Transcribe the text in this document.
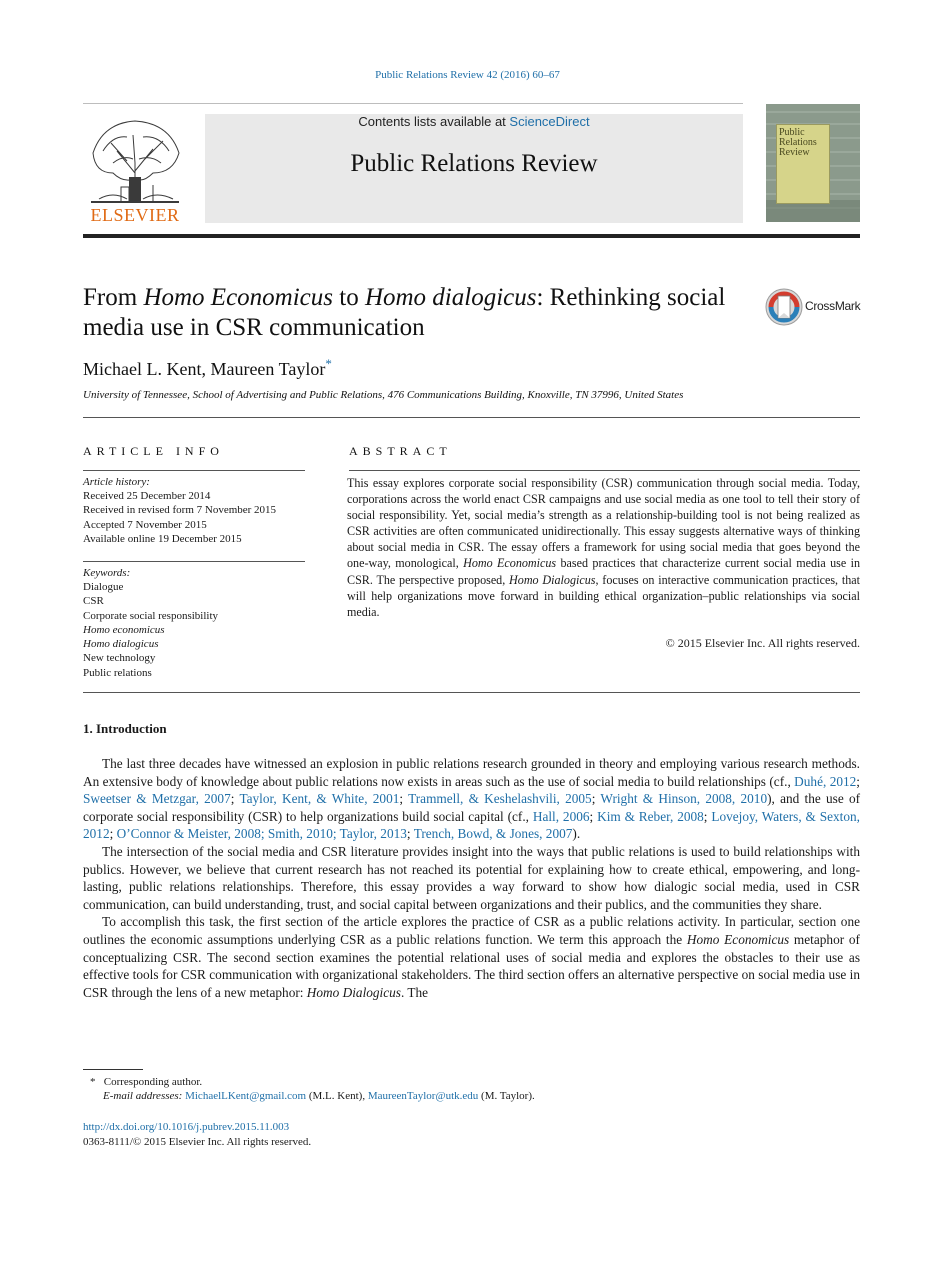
Public Relations Review 42 (2016) 60–67
ELSEVIER
Contents lists available at ScienceDirect
Public Relations Review
Public Relations Review
From Homo Economicus to Homo dialogicus: Rethinking social media use in CSR communication
CrossMark
Michael L. Kent, Maureen Taylor*
University of Tennessee, School of Advertising and Public Relations, 476 Communications Building, Knoxville, TN 37996, United States
ARTICLE INFO
Article history:
Received 25 December 2014
Received in revised form 7 November 2015
Accepted 7 November 2015
Available online 19 December 2015
Keywords:
Dialogue
CSR
Corporate social responsibility
Homo economicus
Homo dialogicus
New technology
Public relations
ABSTRACT
This essay explores corporate social responsibility (CSR) communication through social media. Today, corporations across the world enact CSR campaigns and use social media as one tool to tell their story of social responsibility. Yet, social media’s strength as a relationship-building tool is not being realized as CSR activities are often communicated unidirectionally. This essay suggests alternative ways of thinking about social media in CSR. The essay offers a framework for using social media that goes beyond the one-way, monological, Homo Economicus based practices that characterize current social media use in CSR. The perspective proposed, Homo Dialogicus, focuses on interactive communication practices, that will help organizations move forward in building ethical organization–public relationships via social media.
© 2015 Elsevier Inc. All rights reserved.
1. Introduction

The last three decades have witnessed an explosion in public relations research grounded in theory and employing various research methods. An extensive body of knowledge about public relations now exists in areas such as the use of social media to build relationships (cf., Duhé, 2012; Sweetser & Metzgar, 2007; Taylor, Kent, & White, 2001; Trammell, & Keshelashvili, 2005; Wright & Hinson, 2008, 2010), and the use of corporate social responsibility (CSR) to help organizations build social capital (cf., Hall, 2006; Kim & Reber, 2008; Lovejoy, Waters, & Sexton, 2012; O’Connor & Meister, 2008; Smith, 2010; Taylor, 2013; Trench, Bowd, & Jones, 2007).

The intersection of the social media and CSR literature provides insight into the ways that public relations is used to build relationships with publics. However, we believe that current research has not reached its potential for explaining how to create ethical, empowering, and long-lasting, public relations relationships. Therefore, this essay provides a way forward to show how dialogic social media, used in CSR communication, can build understanding, trust, and social capital between organizations and their publics, and the communities they share.

To accomplish this task, the first section of the article explores the practice of CSR as a public relations activity. In particular, section one outlines the economic assumptions underlying CSR as a public relations function. We term this approach the Homo Economicus metaphor of conceptualizing CSR. The second section examines the potential relational uses of social media and explores the obstacles to their use as effective tools for CSR communication with organizational stakeholders. The third section offers an alternative perspective on social media use in CSR through the lens of a new metaphor: Homo Dialogicus. The

* Corresponding author.
E-mail addresses: MichaelLKent@gmail.com (M.L. Kent), MaureenTaylor@utk.edu (M. Taylor).
http://dx.doi.org/10.1016/j.pubrev.2015.11.003
0363-8111/© 2015 Elsevier Inc. All rights reserved.
